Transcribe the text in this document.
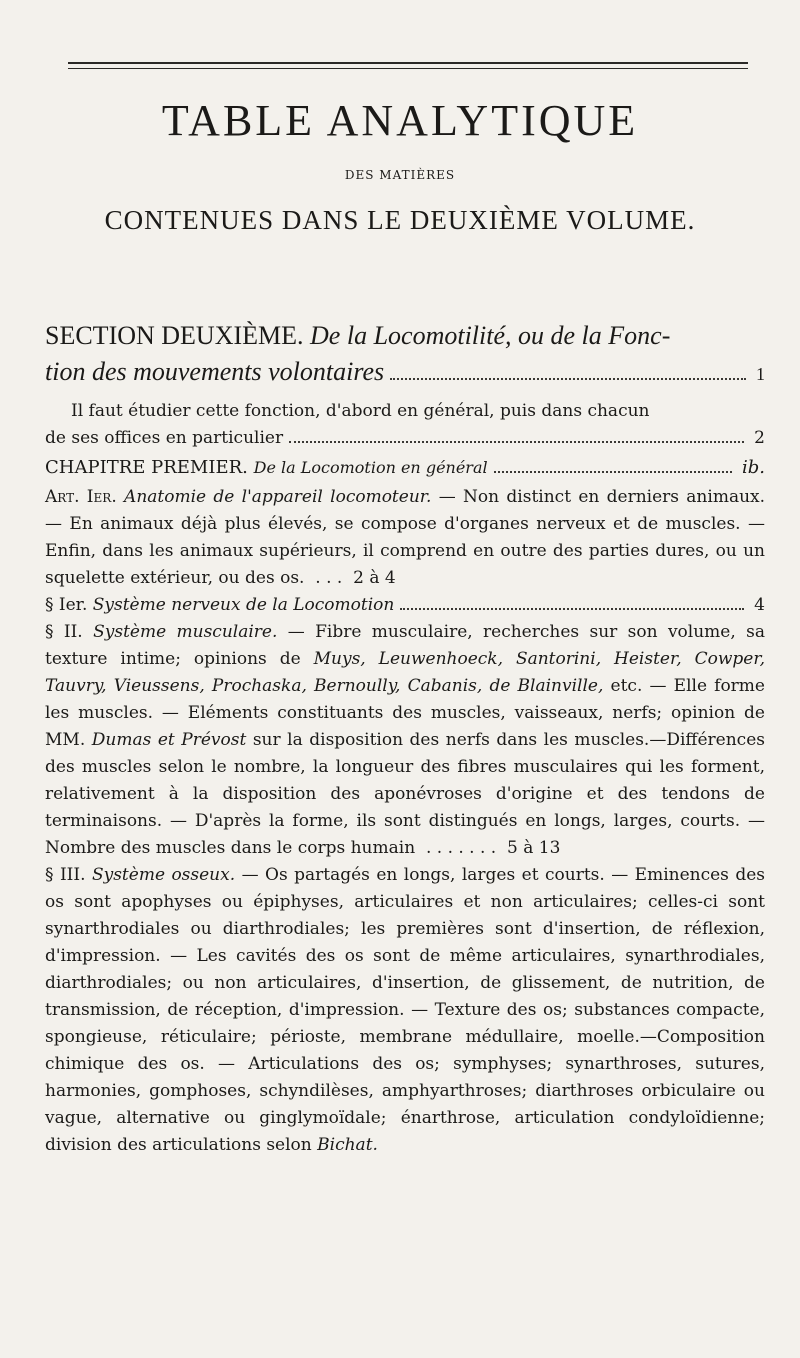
TABLE ANALYTIQUE
DES MATIÈRES
CONTENUES DANS LE DEUXIÈME VOLUME.
SECTION DEUXIÈME. De la Locomotilité, ou de la Fonc-
tion des mouvements volontaires	1

Il faut étudier cette fonction, d'abord en général, puis dans chacun

de ses offices en particulier	2
CHAPITRE PREMIER.
De la Locomotion en général	ib.

Art. Ier. Anatomie de l'appareil locomoteur. — Non distinct en derniers animaux. — En animaux déjà plus élevés, se compose d'organes nerveux et de muscles. — Enfin, dans les animaux supérieurs, il comprend en outre des parties dures, ou un squelette extérieur, ou des os.  . . .  2 à 4

§ Ier.
Système nerveux de la Locomotion	4

§ II. Système musculaire. — Fibre musculaire, recherches sur son volume, sa texture intime; opinions de Muys, Leuwenhoeck, Santorini, Heister, Cowper, Tauvry, Vieussens, Prochaska, Bernoully, Cabanis, de Blainville, etc. — Elle forme les muscles. — Eléments constituants des muscles, vaisseaux, nerfs; opinion de MM. Dumas et Prévost sur la disposition des nerfs dans les muscles.—Différences des muscles selon le nombre, la longueur des fibres musculaires qui les forment, relativement à la disposition des aponévroses d'origine et des tendons de terminaisons. — D'après la forme, ils sont distingués en longs, larges, courts. — Nombre des muscles dans le corps humain  . . . . . . .  5 à 13

§ III. Système osseux. — Os partagés en longs, larges et courts. — Eminences des os sont apophyses ou épiphyses, articulaires et non articulaires; celles-ci sont synarthrodiales ou diarthrodiales; les premières sont d'insertion, de réflexion, d'impression. — Les cavités des os sont de même articulaires, synarthrodiales, diarthrodiales; ou non articulaires, d'insertion, de glissement, de nutrition, de transmission, de réception, d'impression. — Texture des os; substances compacte, spongieuse, réticulaire; périoste, membrane médullaire, moelle.—Composition chimique des os. — Articulations des os; symphyses; synarthroses, sutures, harmonies, gomphoses, schyndilèses, amphyarthroses; diarthroses orbiculaire ou vague, alternative ou ginglymoïdale; énarthrose, articulation condyloïdienne; division des articulations selon Bichat.
